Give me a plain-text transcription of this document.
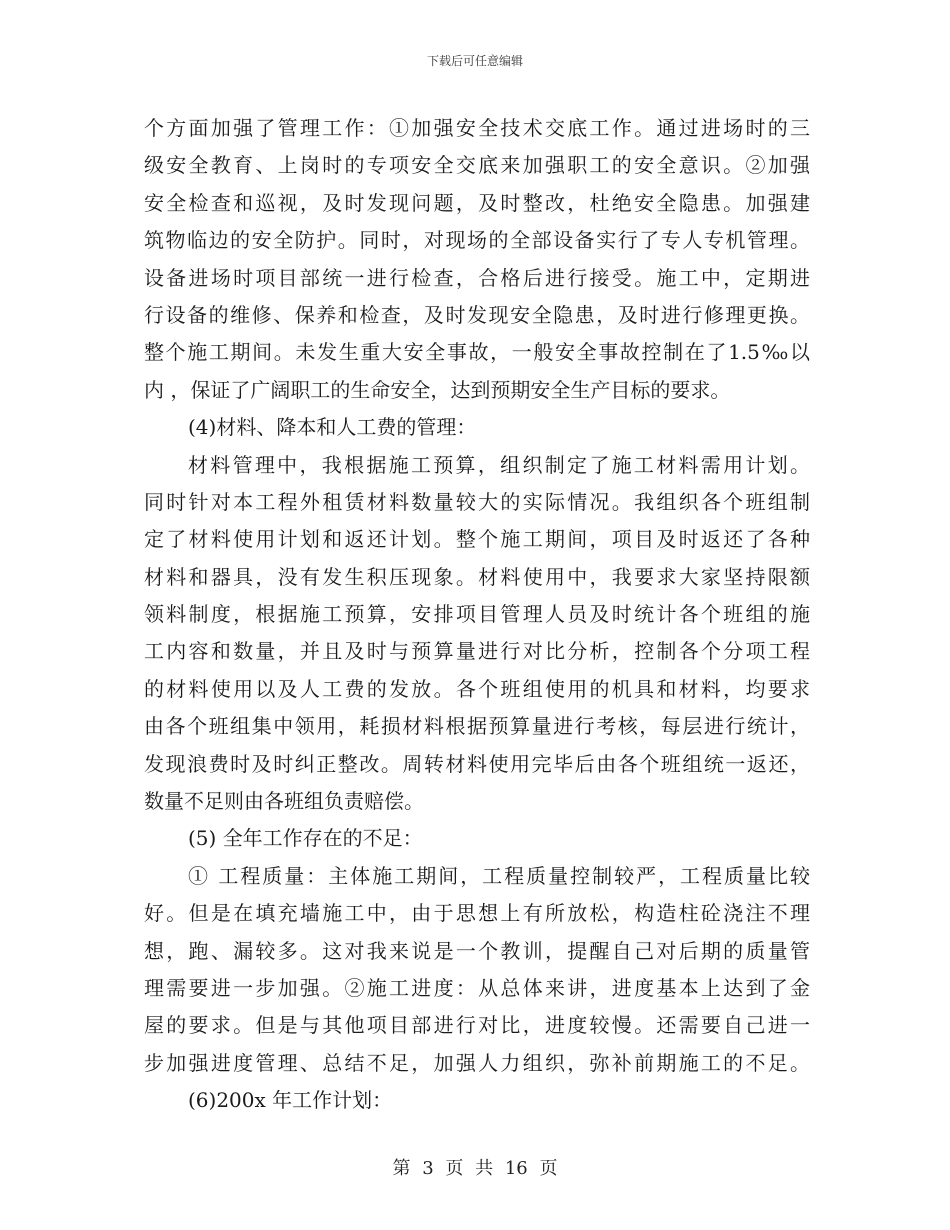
下载后可任意编辑
个方面加强了管理工作：①加强安全技术交底工作。通过进场时的三
级安全教育、上岗时的专项安全交底来加强职工的安全意识。②加强
安全检查和巡视，及时发现问题，及时整改，杜绝安全隐患。加强建
筑物临边的安全防护。同时，对现场的全部设备实行了专人专机管理。
设备进场时项目部统一进行检查，合格后进行接受。施工中，定期进
行设备的维修、保养和检查，及时发现安全隐患，及时进行修理更换。
整个施工期间。未发生重大安全事故，一般安全事故控制在了1.5‰以
内 ，保证了广阔职工的生命安全，达到预期安全生产目标的要求。
(4)材料、降本和人工费的管理：
材料管理中，我根据施工预算，组织制定了施工材料需用计划。
同时针对本工程外租赁材料数量较大的实际情况。我组织各个班组制
定了材料使用计划和返还计划。整个施工期间，项目及时返还了各种
材料和器具，没有发生积压现象。材料使用中，我要求大家坚持限额
领料制度，根据施工预算，安排项目管理人员及时统计各个班组的施
工内容和数量，并且及时与预算量进行对比分析，控制各个分项工程
的材料使用以及人工费的发放。各个班组使用的机具和材料，均要求
由各个班组集中领用，耗损材料根据预算量进行考核，每层进行统计，
发现浪费时及时纠正整改。周转材料使用完毕后由各个班组统一返还，
数量不足则由各班组负责赔偿。
(5) 全年工作存在的不足：
① 工程质量：主体施工期间，工程质量控制较严，工程质量比较
好。但是在填充墙施工中，由于思想上有所放松，构造柱砼浇注不理
想，跑、漏较多。这对我来说是一个教训，提醒自己对后期的质量管
理需要进一步加强。②施工进度：从总体来讲，进度基本上达到了金
屋的要求。但是与其他项目部进行对比，进度较慢。还需要自己进一
步加强进度管理、总结不足，加强人力组织，弥补前期施工的不足。
(6)200x 年工作计划：
第 3 页 共 16 页
